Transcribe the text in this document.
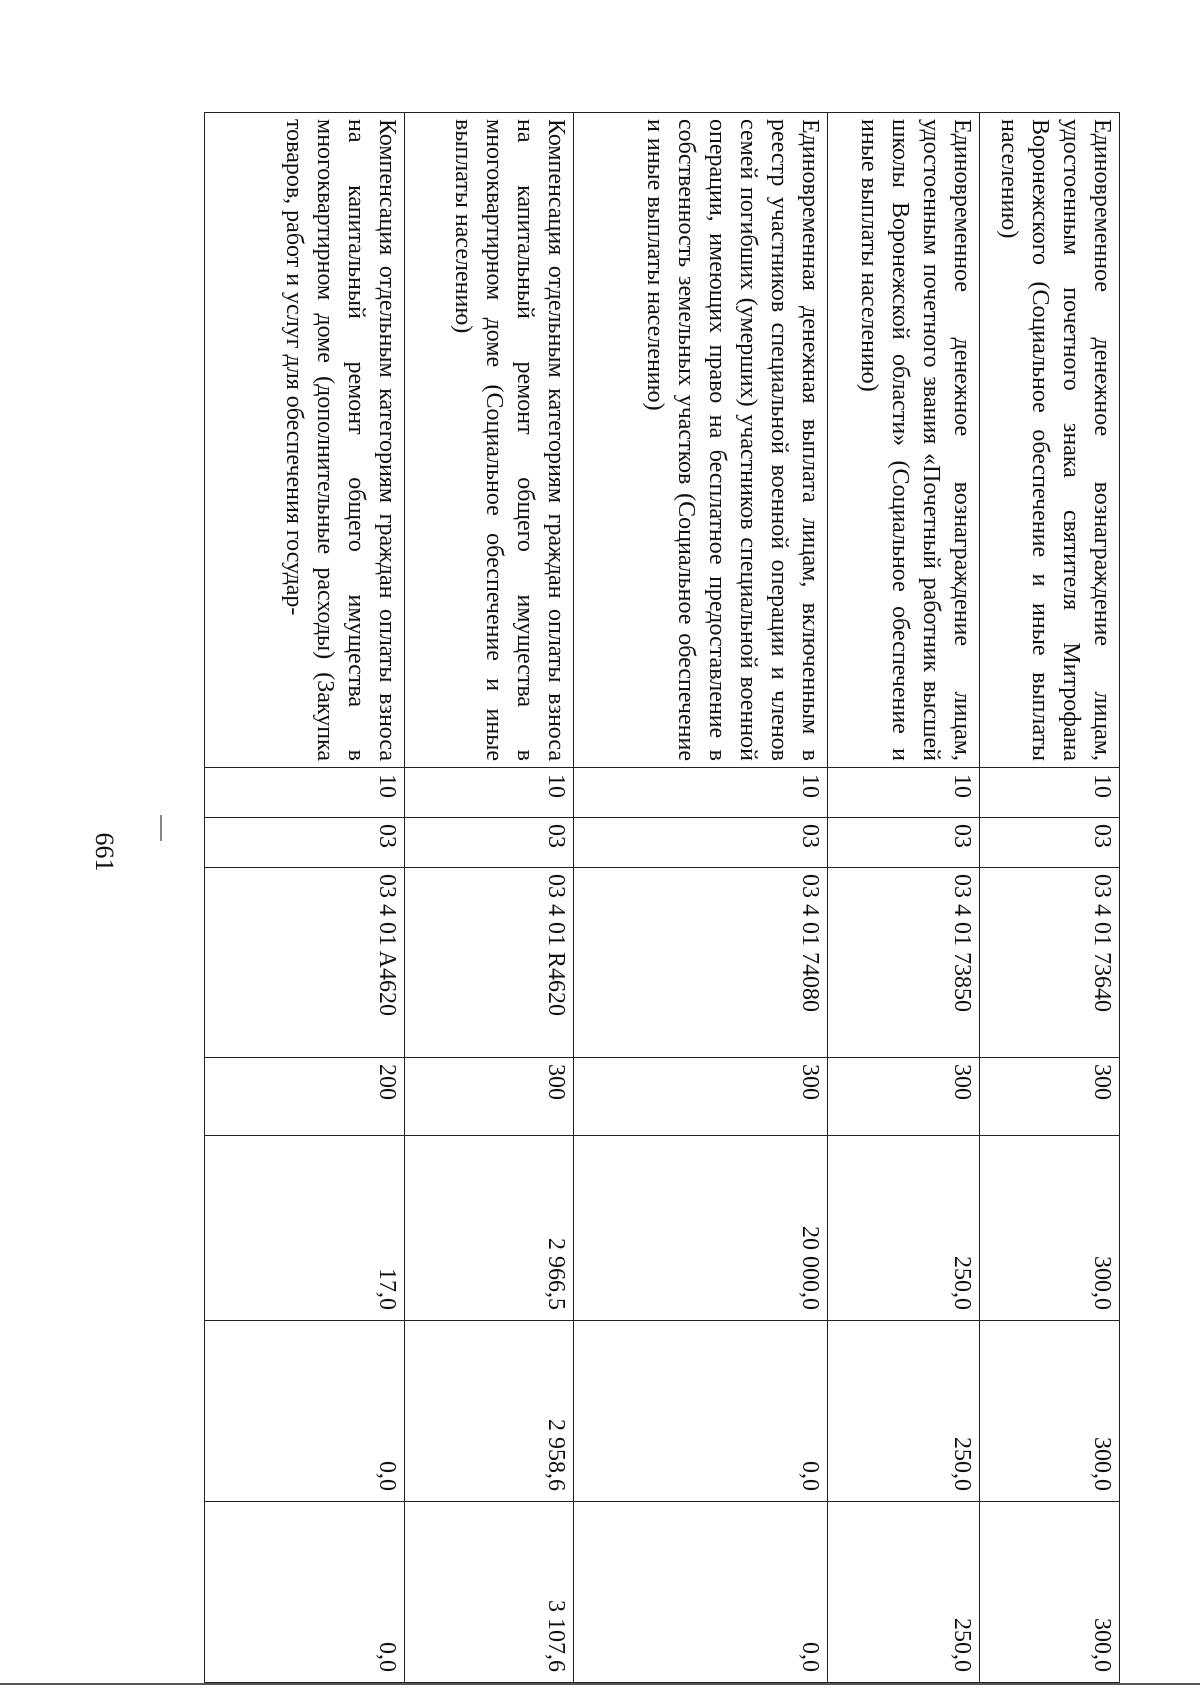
661
Единовременное денежное вознаграждение лицам, удостоенным почетного знака святителя Митрофана Воронежского (Социальное обеспечение и иные выплаты населению)	10	03	03 4 01 73640	300	300,0	300,0	300,0
Единовременное денежное вознаграждение лицам, удостоенным почетного звания «Почетный работник высшей школы Воронежской области» (Социальное обеспечение и иные выплаты населению)	10	03	03 4 01 73850	300	250,0	250,0	250,0
Единовременная денежная выплата лицам, включенным в реестр участников специальной военной операции и членов семей погибших (умерших) участников специальной военной операции, имеющих право на бесплатное предоставление в собственность земельных участков (Социальное обеспечение и иные выплаты населению)	10	03	03 4 01 74080	300	20 000,0	0,0	0,0
Компенсация отдельным категориям граждан оплаты взноса на капитальный ремонт общего имущества в многоквартирном доме (Социальное обеспечение и иные выплаты населению)	10	03	03 4 01 R4620	300	2 966,5	2 958,6	3 107,6
Компенсация отдельным категориям граждан оплаты взноса на капитальный ремонт общего имущества в многоквартирном доме (дополнительные расходы) (Закупка товаров, работ и услуг для обеспечения государ-	10	03	03 4 01 A4620	200	17,0	0,0	0,0
